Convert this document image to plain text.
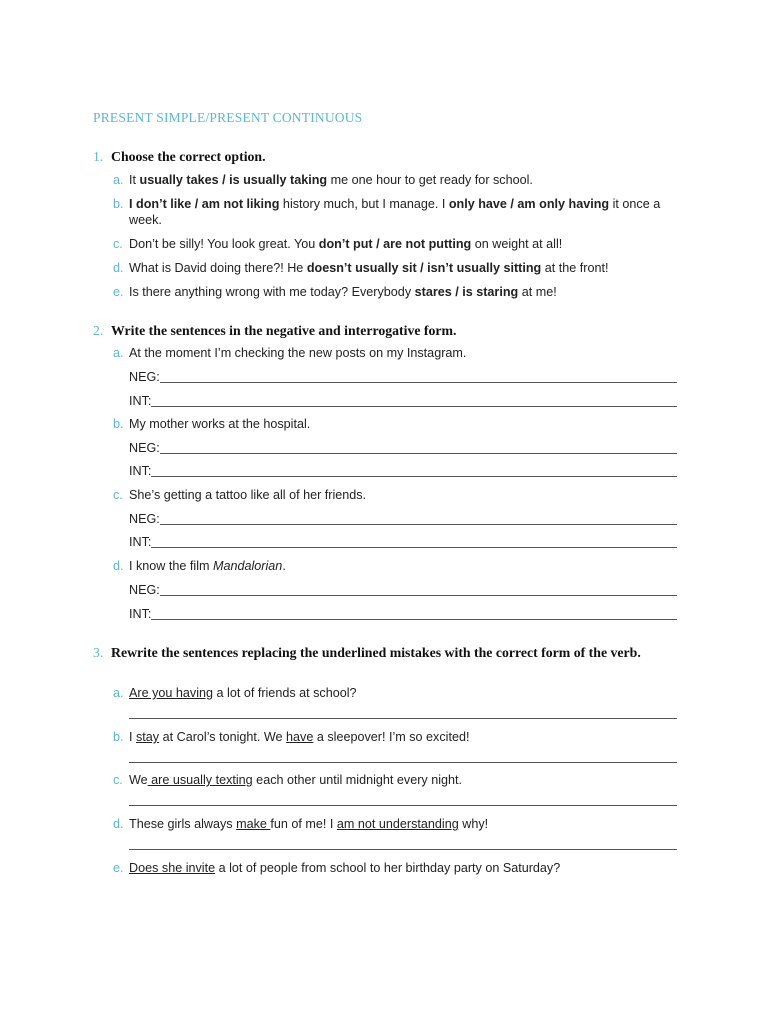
PRESENT SIMPLE/PRESENT CONTINUOUS
1. Choose the correct option.
a. It usually takes / is usually taking me one hour to get ready for school.
b. I don’t like / am not liking history much, but I manage. I only have / am only having it once a week.
c. Don’t be silly! You look great. You don’t put / are not putting on weight at all!
d. What is David doing there?! He doesn’t usually sit / isn’t usually sitting at the front!
e. Is there anything wrong with me today? Everybody stares / is staring at me!
2. Write the sentences in the negative and interrogative form.
a. At the moment I’m checking the new posts on my Instagram.
NEG:
INT:
b. My mother works at the hospital.
NEG:
INT:
c. She’s getting a tattoo like all of her friends.
NEG:
INT:
d. I know the film Mandalorian.
NEG:
INT:
3. Rewrite the sentences replacing the underlined mistakes with the correct form of the verb.
a. Are you having a lot of friends at school?
b. I stay at Carol’s tonight. We have a sleepover! I’m so excited!
c. We are usually texting each other until midnight every night.
d. These girls always make fun of me! I am not understanding why!
e. Does she invite a lot of people from school to her birthday party on Saturday?
